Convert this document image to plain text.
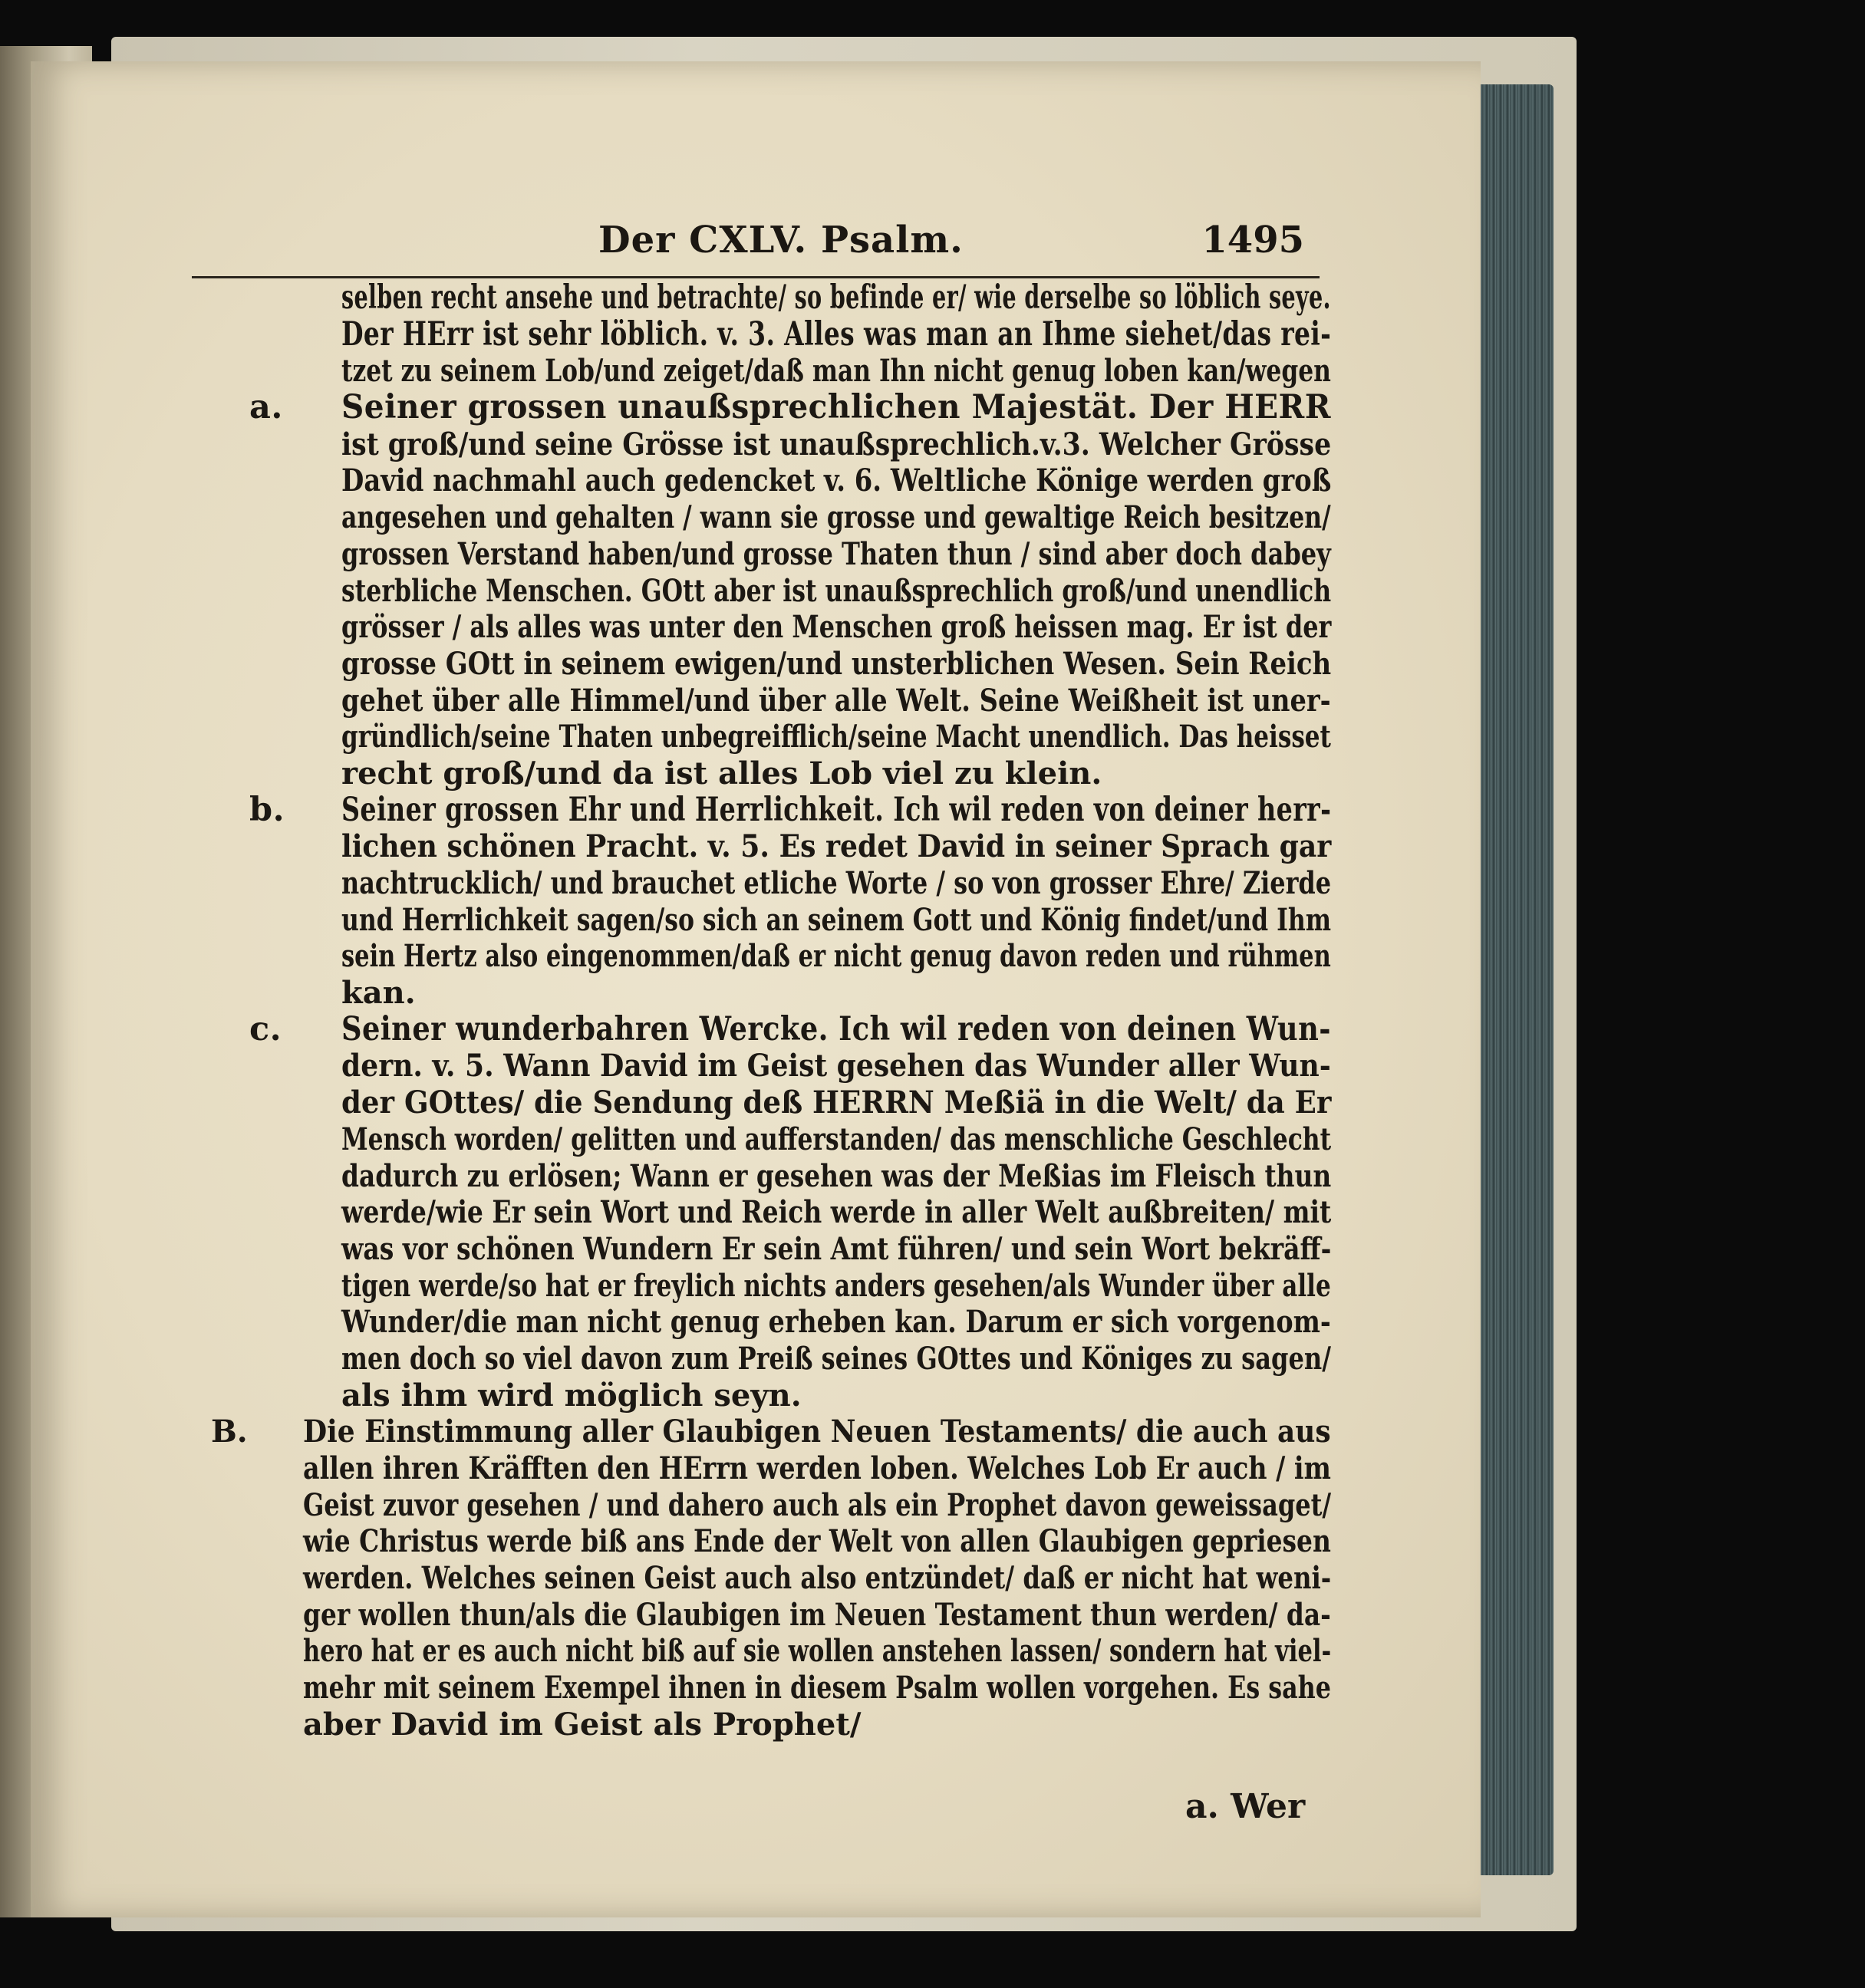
Der CXLV. Psalm.	1495
selben recht ansehe und betrachte/ so befinde er/ wie derselbe so löblich seye.
Der HErr ist sehr löblich. v. 3. Alles was man an Ihme siehet/das rei-
tzet zu seinem Lob/und zeiget/daß man Ihn nicht genug loben kan/wegen
a. Seiner grossen unaußsprechlichen Majestät. Der HERR
ist groß/und seine Grösse ist unaußsprechlich.v.3. Welcher Grösse
David nachmahl auch gedencket v. 6. Weltliche Könige werden groß
angesehen und gehalten / wann sie grosse und gewaltige Reich besitzen/
grossen Verstand haben/und grosse Thaten thun / sind aber doch dabey
sterbliche Menschen. GOtt aber ist unaußsprechlich groß/und unendlich
grösser / als alles was unter den Menschen groß heissen mag. Er ist der
grosse GOtt in seinem ewigen/und unsterblichen Wesen. Sein Reich
gehet über alle Himmel/und über alle Welt. Seine Weißheit ist uner-
gründlich/seine Thaten unbegreifflich/seine Macht unendlich. Das heisset
recht groß/und da ist alles Lob viel zu klein.
b. Seiner grossen Ehr und Herrlichkeit. Ich wil reden von deiner herr-
lichen schönen Pracht. v. 5. Es redet David in seiner Sprach gar
nachtrucklich/ und brauchet etliche Worte / so von grosser Ehre/ Zierde
und Herrlichkeit sagen/so sich an seinem Gott und König findet/und Ihm
sein Hertz also eingenommen/daß er nicht genug davon reden und rühmen
kan.
c. Seiner wunderbahren Wercke. Ich wil reden von deinen Wun-
dern. v. 5. Wann David im Geist gesehen das Wunder aller Wun-
der GOttes/ die Sendung deß HERRN Meßiä in die Welt/ da Er
Mensch worden/ gelitten und aufferstanden/ das menschliche Geschlecht
dadurch zu erlösen; Wann er gesehen was der Meßias im Fleisch thun
werde/wie Er sein Wort und Reich werde in aller Welt außbreiten/ mit
was vor schönen Wundern Er sein Amt führen/ und sein Wort bekräff-
tigen werde/so hat er freylich nichts anders gesehen/als Wunder über alle
Wunder/die man nicht genug erheben kan. Darum er sich vorgenom-
men doch so viel davon zum Preiß seines GOttes und Königes zu sagen/
als ihm wird möglich seyn.
B. Die Einstimmung aller Glaubigen Neuen Testaments/ die auch aus
allen ihren Kräfften den HErrn werden loben. Welches Lob Er auch / im
Geist zuvor gesehen / und dahero auch als ein Prophet davon geweissaget/
wie Christus werde biß ans Ende der Welt von allen Glaubigen gepriesen
werden. Welches seinen Geist auch also entzündet/ daß er nicht hat weni-
ger wollen thun/als die Glaubigen im Neuen Testament thun werden/ da-
hero hat er es auch nicht biß auf sie wollen anstehen lassen/ sondern hat viel-
mehr mit seinem Exempel ihnen in diesem Psalm wollen vorgehen. Es sahe
aber David im Geist als Prophet/
a. Wer
